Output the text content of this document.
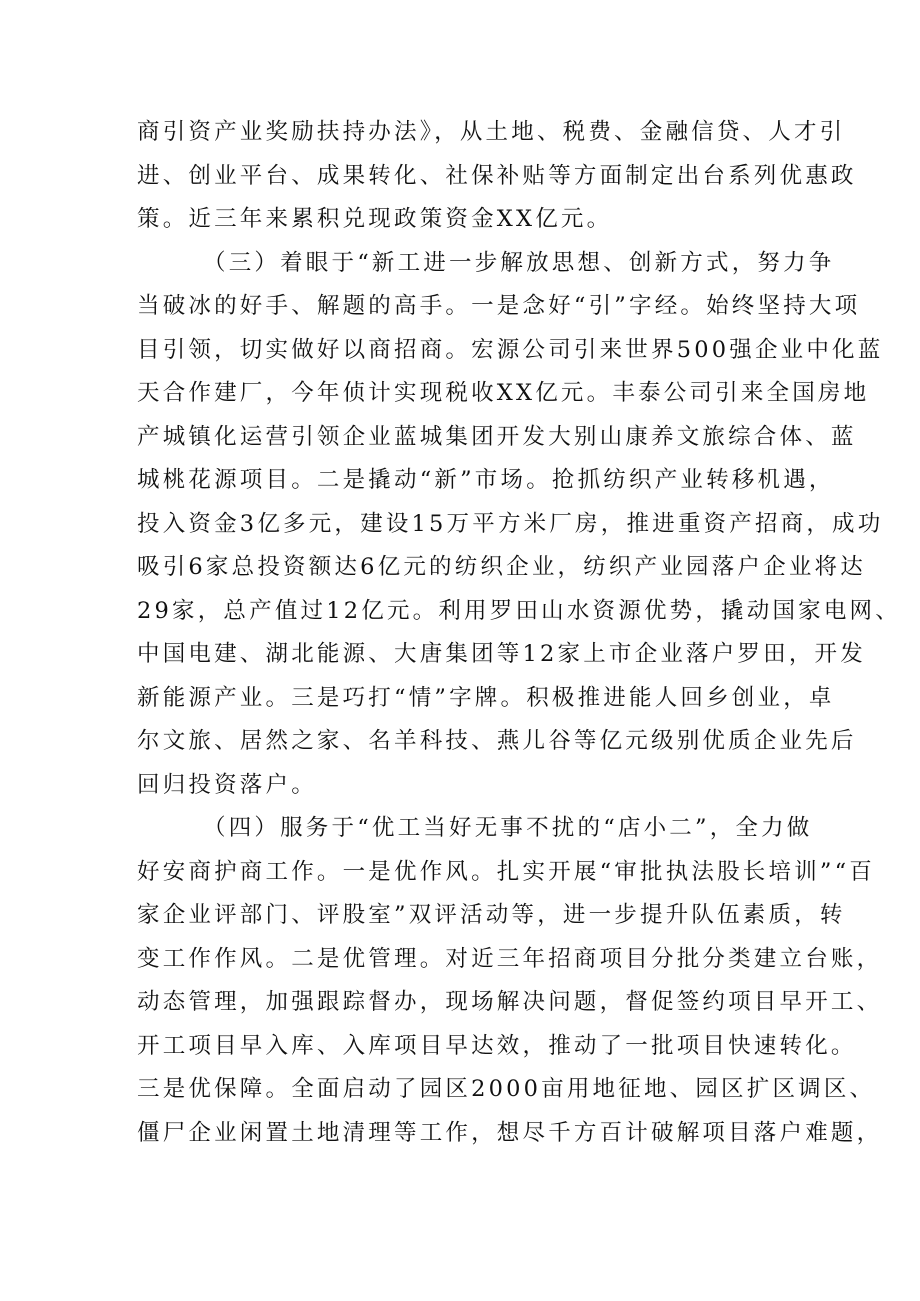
商引资产业奖励扶持办法》，从土地、税费、金融信贷、人才引
进、创业平台、成果转化、社保补贴等方面制定出台系列优惠政
策。近三年来累积兑现政策资金XX亿元。
（三）着眼于“新工进一步解放思想、创新方式，努力争
当破冰的好手、解题的高手。一是念好“引”字经。始终坚持大项
目引领，切实做好以商招商。宏源公司引来世界500强企业中化蓝
天合作建厂，今年侦计实现税收XX亿元。丰泰公司引来全国房地
产城镇化运营引领企业蓝城集团开发大别山康养文旅综合体、蓝
城桃花源项目。二是撬动“新”市场。抢抓纺织产业转移机遇，
投入资金3亿多元，建设15万平方米厂房，推进重资产招商，成功
吸引6家总投资额达6亿元的纺织企业，纺织产业园落户企业将达
29家，总产值过12亿元。利用罗田山水资源优势，撬动国家电网、
中国电建、湖北能源、大唐集团等12家上市企业落户罗田，开发
新能源产业。三是巧打“情”字牌。积极推进能人回乡创业，卓
尔文旅、居然之家、名羊科技、燕儿谷等亿元级别优质企业先后
回归投资落户。
（四）服务于“优工当好无事不扰的“店小二”，全力做
好安商护商工作。一是优作风。扎实开展“审批执法股长培训”“百
家企业评部门、评股室”双评活动等，进一步提升队伍素质，转
变工作作风。二是优管理。对近三年招商项目分批分类建立台账，
动态管理，加强跟踪督办，现场解决问题，督促签约项目早开工、
开工项目早入库、入库项目早达效，推动了一批项目快速转化。
三是优保障。全面启动了园区2000亩用地征地、园区扩区调区、
僵尸企业闲置土地清理等工作，想尽千方百计破解项目落户难题，
